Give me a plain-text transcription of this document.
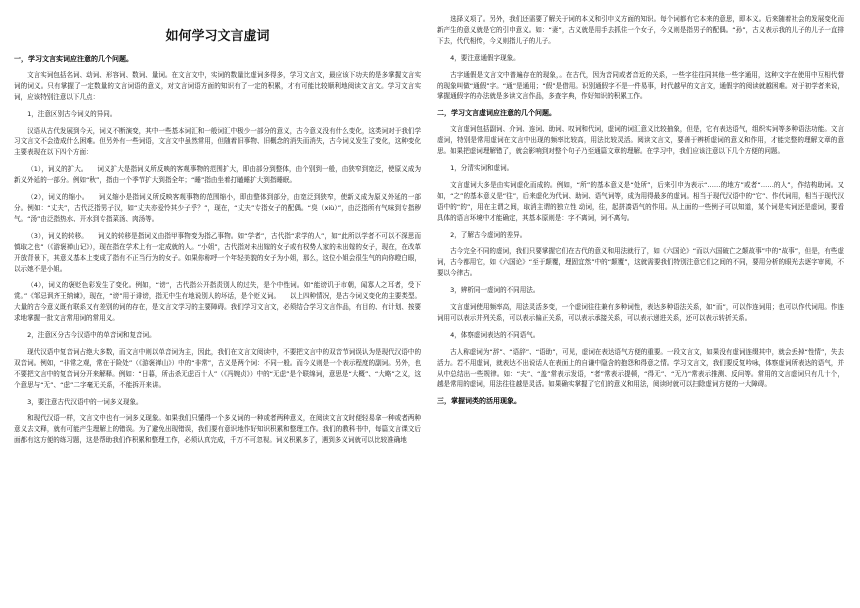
如何学习文言虚词
一，学习文言实词应注意的几个问题。
文言实词包括名词、动词、形容词、数词、量词。在文言文中，实词的数量比虚词多得多，学习文言文，最应该下功夫的是多掌握文言实词的词义。只有掌握了一定数量的文言词语的意义，对文言词语方面的知识有了一定的积累，才有可能比较顺利地阅读文言文。学习文言实词，应该特别注意以下几点：
1，注意区别古今词义的异同。
汉语从古代发展到今天，词义不断演变，其中一些基本词汇和一般词汇中极少一部分的意义，古今意义没有什么变化，这类词对于我们学习文言文不会造成什么困难。但另外有一些词语，文言文中虽然常用，但随着旧事物、旧概念的消失而消失，古今词义发生了变化，这种变化主要表现在以下四个方面：
（1），词义的扩大。　　词义扩大是指词义所反映的客观事物的范围扩大，即由部分到整体，由个别到一般，由狭窄到宽泛，使原义成为新义外延的一部分。例如“秋”，指由一个季节扩大到指全年；“睡”指由坐着打瞌睡扩大到指睡眠。
（2），词义的缩小。　　词义缩小是指词义所反映客观事物的范围缩小，即由整体到部分，由宽泛到狭窄，使新义成为原义外延的一部分。例如：“丈夫”，古代泛指男子汉，如“丈夫亦爱怜其少子乎？”，现在，“丈夫”专指女子的配偶。“臭（xiù）”，由泛指所有气味到专指秽气。“汤”由泛指热水、开水到专指菜汤、肉汤等。
（3），词义的转移。　　词义的转移是指词义由指甲事物变为指乙事物。如“学者”，古代指“求学的人”，如“此所以学者不可以不深思而慎取之也”（《游褒禅山记》），现在指在学术上有一定成就的人。“小姐”，古代指对未出嫁的女子或有权势人家的未出嫁的女子，现在，在改革开放背景下，其意义基本上变成了指有不正当行为的女子。如果你称呼一个年轻美貌的女子为小姐，那么，这位小姐会很生气的向你瞪白眼，以示她不是小姐。
（4），词义的褒贬色彩发生了变化。例如，“谤”，古代指公开指责别人的过失，是个中性词。如“能谤讥于市朝，闻寡人之耳者，受下赏。”《邹忌讽齐王纳谏》，现在，“谤”用于诽谤，指无中生有地说别人的坏话，是个贬义词。　　以上四种情况，是古今词义变化的主要类型。大量的古今意义既有联系又有差别的词的存在，是文言文学习的主要障碍。我们学习文言文，必须结合学习文言作品，有目的、有计划、按要求地掌握一批文言常用词的常用义。
2，注意区分古今汉语中的单音词和复音词。
现代汉语中复音词占绝大多数，而文言中则以单音词为主，因此，我们在文言文阅读中，不要把文言中的双音节词误认为是现代汉语中的双音词。例如，“非常之观，常在于险处”（《游褒禅山》）中的“非常”，古义是两个词：不同一般。而今义则是一个表示程度的副词。另外，也不要把文言中的复音词分开来解释。例如：“日暮，所击杀无虑百十人”（《冯婉贞》）中的“无虑”是个联绵词，意思是“大概”、“大略”之义，这个意思与“无”、“虑”二字毫无关系，不能拆开来讲。
3，要注意古代汉语中的一词多义现象。
和现代汉语一样，文言文中也有一词多义现象。如果我们只懂得一个多义词的一种或者两种意义，在阅读文言文时便轻易拿一种或者两种意义去文释，就有可能产生理解上的错误。为了避免出现错误，我们要有意识地作好知识积累和整理工作。我们的教科书中，每篇文言课文后面都有这方便的练习题，这是帮助我们作积累和整理工作，必须认真完成，千万不可忽视。词义积累多了，遇到多义词就可以比较准确地
选择义项了。另外，我们还需要了解关于词的本义和引申义方面的知识。每个词都有它本来的意思，即本义。后来随着社会的发展变化而新产生的意义就是它的引申意义。如：“妻”，古义就是用手去抓住一个女子，今义则是指男子的配偶。“孙”，古义表示我的儿子的儿子一直排下去，代代相传，今义则指儿子的儿子。
4，要注意通假字现象。
古字通假是文言文中普遍存在的现象，。在古代，因为音同或者音近的关系，一些字往往同其他一些字通用，这种文字在使用中互相代替的现象叫做“通假”字。“通”是通用；“假”是借用。识别通假字不是一件易事，时代越早的文言文，通假字的阅读就越困难。对于初学者来说，掌握通假字的办法就是多读文言作品，多查字典，作好知识的积累工作。
二，学习文言虚词应注意的几个问题。
文言虚词包括副词、介词、连词、助词、叹词和代词，虚词的词汇意义比较抽象，但是，它有表达语气，组织实词等多种语法功能。文言虚词，特别是常用虚词在文言中出现的频率比较高，用法比较灵活。阅读文言文，要善于辨析虚词的意义和作用，才能完整的理解文章的意思。如果把虚词理解错了，就会影响到对整个句子乃至通篇文章的理解。在学习中，我们应该注意以下几个方便的问题。
1，分清实词和虚词。
文言虚词大多是由实词虚化而成的。例如，“所”的基本意义是“处所”，后来引申为表示“……的地方”或者“……的人”，作结构助词。又如，“之”的基本意义是“往”，后来虚化为代词、助词、语气词等，成为用得最多的虚词。相当于现代汉语中的“它”、作代词用，相当于现代汉语中的“的”，用在主谓之间，取消主谓的独立性 动词，往，起拼凑语气的作用。从上面的一些例子可以知道，某个词是实词还是虚词，要看具体的语言环境中才能确定，其基本原则是：字不离词，词不离句。
2，了解古今虚词的差异。
古今完全不同的虚词，我们只要掌握它们在古代的意义和用法就行了，如《六国论》“而以六国破亡之颠故事”中的“故事”，但是，有些虚词，古今都用它，如《六国论》“至于颠覆，理固宜然”中的“颠覆”，这就需要我们特别注意它们之间的不同，要用分析的眼光去逐字审阅，不要以今律古。
3，辨析同一虚词的不同用法。
文言虚词使用频率高，用法灵活多变，一个虚词往往兼有多种词性，表达多种语法关系，如“而”，可以作连词用；也可以作代词用。作连词用可以表示并列关系，可以表示偏正关系，可以表示承接关系，可以表示递进关系，还可以表示转折关系。
4，体察虚词表达的不同语气。
古人称虚词为“辞”、“语辞”、“语助”，可见，虚词在表达语气方便的重要。一段文言文，如果没有虚词连缀其中，就会丢掉“性情”，失去活力。若不用虚词，就表达不出说话人在表面上的自谦中隐含的抱怨和得意之情。学习文言文，我们要反复吟咏，体察虚词所表达的语气，并从中总结出一些规律。如：“夫”、“盖”常表示发语，“者”常表示提顿，“得无”、“无乃”常表示推测、反问等。常用的文言虚词只有几十个，越是常用的虚词，用法往往越是灵活。如果确实掌握了它们的意义和用法，阅读时就可以扫除虚词方便的一大障碍。
三，掌握词类的活用现象。
